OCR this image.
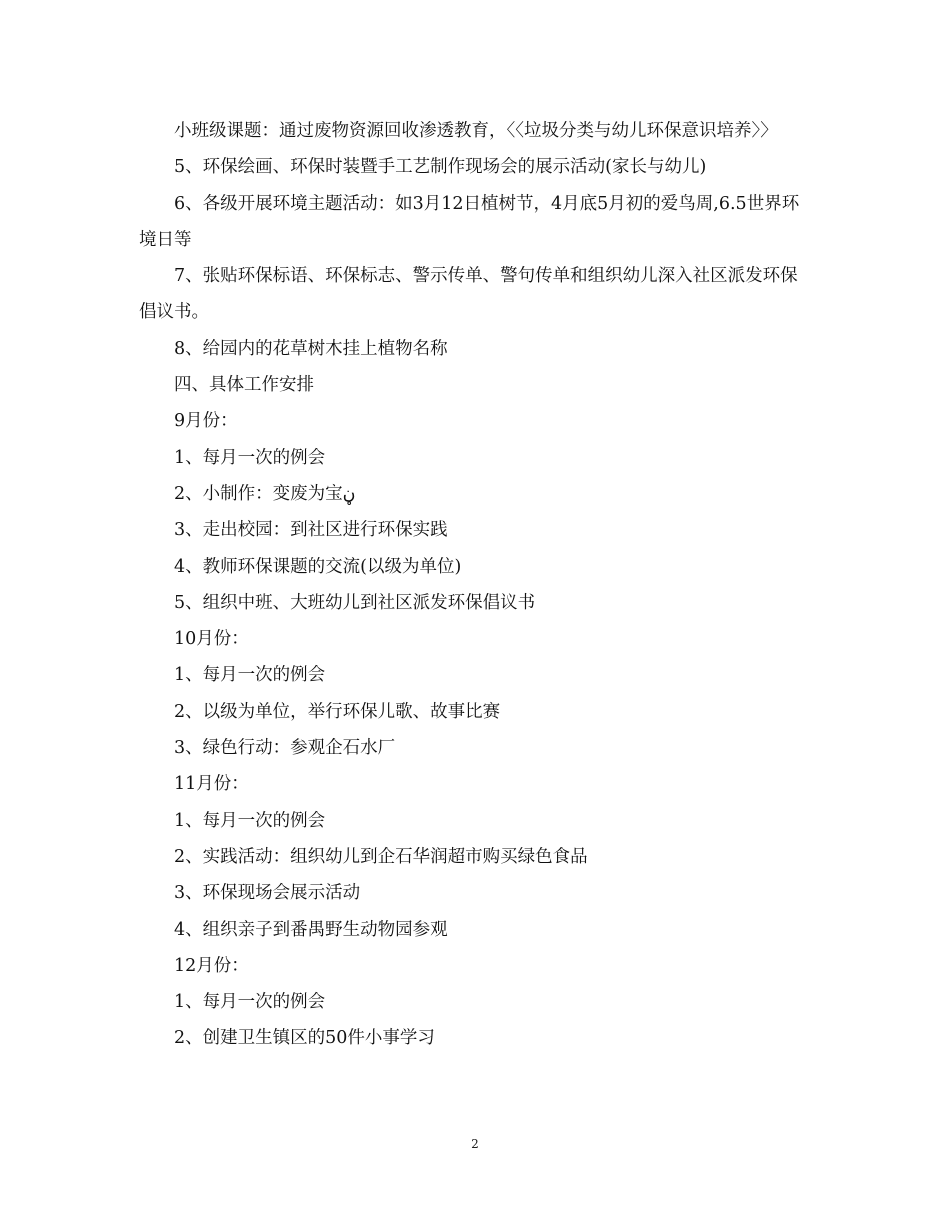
小班级课题：通过废物资源回收渗透教育，〈〈垃圾分类与幼儿环保意识培养〉〉

5、环保绘画、环保时装暨手工艺制作现场会的展示活动(家长与幼儿)

6、各级开展环境主题活动：如3月12日植树节，4月底5月初的爱鸟周,6.5世界环境日等

7、张贴环保标语、环保标志、警示传单、警句传单和组织幼儿深入社区派发环保倡议书。

8、给园内的花草树木挂上植物名称

四、具体工作安排

9月份：

1、每月一次的例会

2、小制作：变废为宝ڼ

3、走出校园：到社区进行环保实践

4、教师环保课题的交流(以级为单位)

5、组织中班、大班幼儿到社区派发环保倡议书

10月份：

1、每月一次的例会

2、以级为单位，举行环保儿歌、故事比赛

3、绿色行动：参观企石水厂

11月份：

1、每月一次的例会

2、实践活动：组织幼儿到企石华润超市购买绿色食品

3、环保现场会展示活动

4、组织亲子到番禺野生动物园参观

12月份：

1、每月一次的例会

2、创建卫生镇区的50件小事学习

2
